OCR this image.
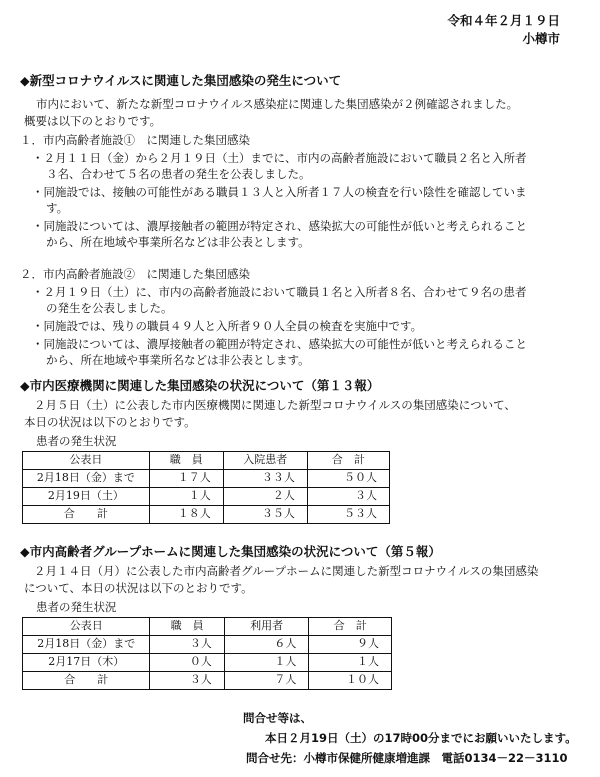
令和４年２月１９日
小樽市
◆新型コロナウイルスに関連した集団感染の発生について
市内において、新たな新型コロナウイルス感染症に関連した集団感染が２例確認されました。
概要は以下のとおりです。
１．市内高齢者施設①　に関連した集団感染
・２月１１日（金）から２月１９日（土）までに、市内の高齢者施設において職員２名と入所者
３名、合わせて５名の患者の発生を公表しました。
・同施設では、接触の可能性がある職員１３人と入所者１７人の検査を行い陰性を確認していま
す。
・同施設については、濃厚接触者の範囲が特定され、感染拡大の可能性が低いと考えられること
から、所在地域や事業所名などは非公表とします。
２．市内高齢者施設②　に関連した集団感染
・２月１９日（土）に、市内の高齢者施設において職員１名と入所者８名、合わせて９名の患者
の発生を公表しました。
・同施設では、残りの職員４９人と入所者９０人全員の検査を実施中です。
・同施設については、濃厚接触者の範囲が特定され、感染拡大の可能性が低いと考えられること
から、所在地域や事業所名などは非公表とします。
◆市内医療機関に関連した集団感染の状況について（第１３報）
２月５日（土）に公表した市内医療機関に関連した新型コロナウイルスの集団感染について、
本日の状況は以下のとおりです。
患者の発生状況
公表日	職　員	入院患者	合　計
2月18日（金）まで	１７人	３３人	５０人
2月19日（土）	１人	２人	３人
合　　計	１８人	３５人	５３人
◆市内高齢者グループホームに関連した集団感染の状況について（第５報）
２月１４日（月）に公表した市内高齢者グループホームに関連した新型コロナウイルスの集団感染
について、本日の状況は以下のとおりです。
患者の発生状況
公表日	職　員	利用者	合　計
2月18日（金）まで	３人	６人	９人
2月17日（木）	０人	１人	１人
合　　計	３人	７人	１０人
問合せ等は、
本日２月19日（土）の17時00分までにお願いいたします。
問合せ先：小樽市保健所健康増進課　電話0134－22－3110
